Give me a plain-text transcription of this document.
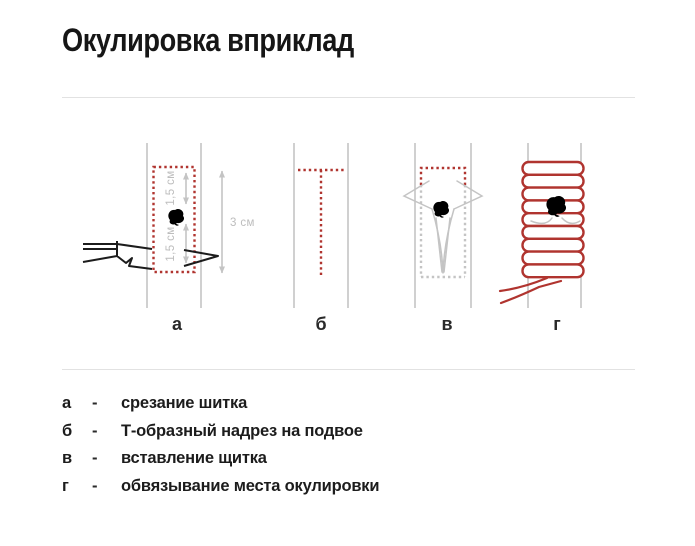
Окулировка вприклад
3 см
1,5 см
1,5 см
а	б	в	г
а	-	срезание шитка
б	-	Т-образный надрез на подвое
в	-	вставление щитка
г	-	обвязывание места окулировки
